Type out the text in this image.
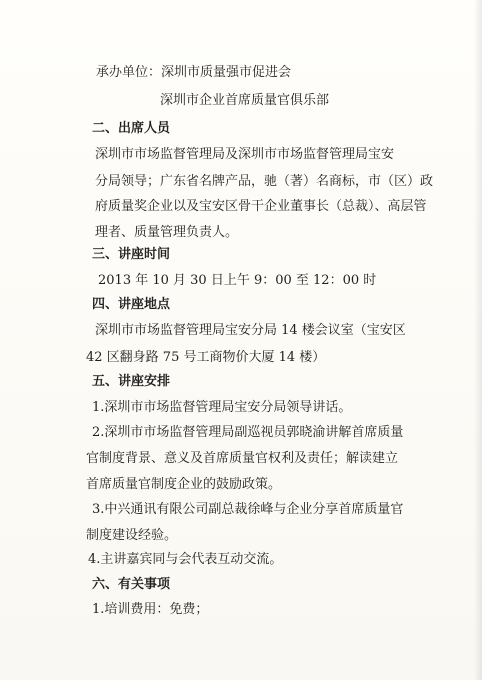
承办单位：深圳市质量强市促进会
深圳市企业首席质量官俱乐部
二、出席人员
深圳市市场监督管理局及深圳市市场监督管理局宝安
分局领导；广东省名牌产品，驰（著）名商标，市（区）政
府质量奖企业以及宝安区骨干企业董事长（总裁）、高层管
理者、质量管理负责人。
三、讲座时间
2013 年 10 月 30 日上午 9：00 至 12：00 时
四、讲座地点
深圳市市场监督管理局宝安分局 14 楼会议室（宝安区
42 区翻身路 75 号工商物价大厦 14 楼）
五、讲座安排
1.深圳市市场监督管理局宝安分局领导讲话。
2.深圳市市场监督管理局副巡视员郭晓渝讲解首席质量
官制度背景、意义及首席质量官权利及责任；解读建立
首席质量官制度企业的鼓励政策。
3.中兴通讯有限公司副总裁徐峰与企业分享首席质量官
制度建设经验。
4.主讲嘉宾同与会代表互动交流。
六、有关事项
1.培训费用：免费；
